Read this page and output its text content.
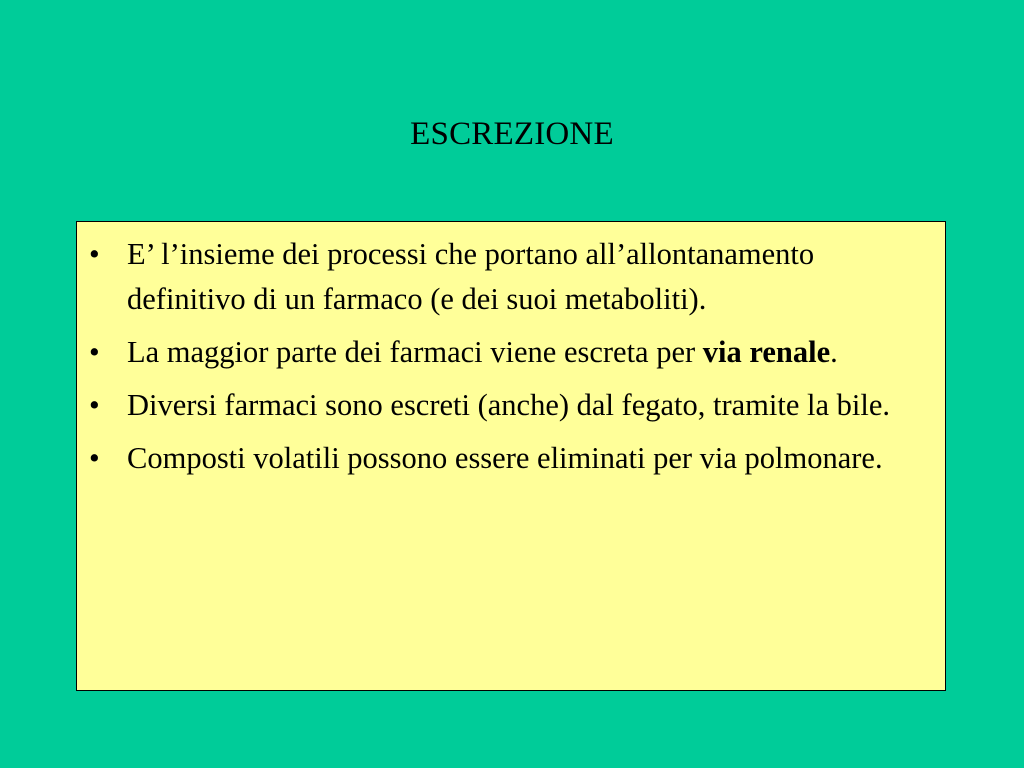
ESCREZIONE
• E’ l’insieme dei processi che portano all’allontanamento definitivo di un farmaco (e dei suoi metaboliti).
• La maggior parte dei farmaci viene escreta per via renale.
• Diversi farmaci sono escreti (anche) dal fegato, tramite la bile.
• Composti volatili possono essere eliminati per via polmonare.
